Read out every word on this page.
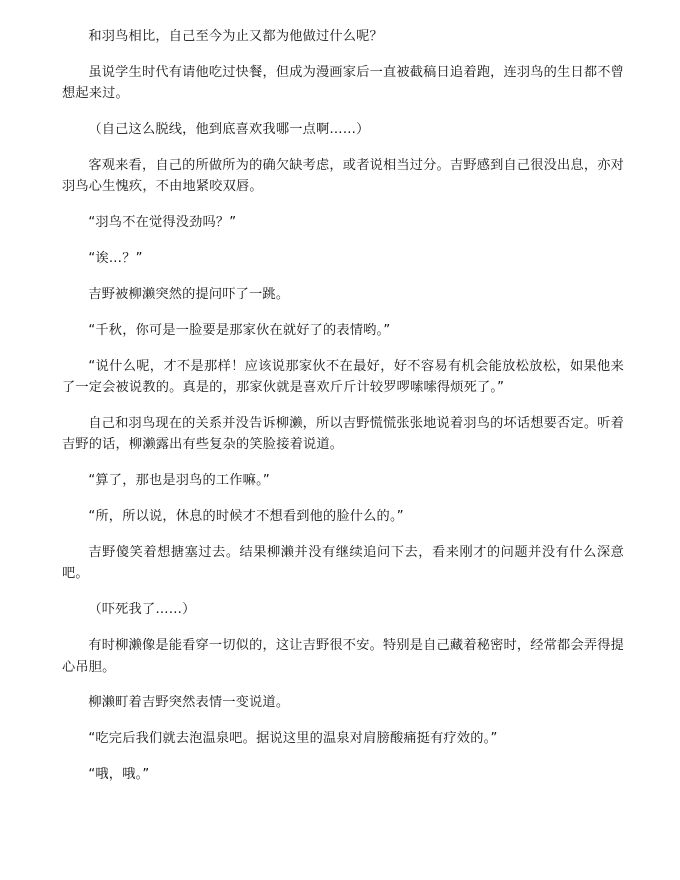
和羽鸟相比，自己至今为止又都为他做过什么呢？

虽说学生时代有请他吃过快餐，但成为漫画家后一直被截稿日追着跑，连羽鸟的生日都不曾想起来过。

（自己这么脱线，他到底喜欢我哪一点啊……）

客观来看，自己的所做所为的确欠缺考虑，或者说相当过分。吉野感到自己很没出息，亦对羽鸟心生愧疚，不由地紧咬双唇。

“羽鸟不在觉得没劲吗？”

“诶…？”

吉野被柳濑突然的提问吓了一跳。

“千秋，你可是一脸要是那家伙在就好了的表情哟。”

“说什么呢，才不是那样！应该说那家伙不在最好，好不容易有机会能放松放松，如果他来了一定会被说教的。真是的，那家伙就是喜欢斤斤计较罗啰嗦嗦得烦死了。”

自己和羽鸟现在的关系并没告诉柳濑，所以吉野慌慌张张地说着羽鸟的坏话想要否定。听着吉野的话，柳濑露出有些复杂的笑脸接着说道。

“算了，那也是羽鸟的工作嘛。”

“所，所以说，休息的时候才不想看到他的脸什么的。”

吉野傻笑着想搪塞过去。结果柳濑并没有继续追问下去，看来刚才的问题并没有什么深意吧。

（吓死我了……）

有时柳濑像是能看穿一切似的，这让吉野很不安。特别是自己藏着秘密时，经常都会弄得提心吊胆。

柳濑町着吉野突然表情一变说道。

“吃完后我们就去泡温泉吧。据说这里的温泉对肩膀酸痛挺有疗效的。”

“哦，哦。”
